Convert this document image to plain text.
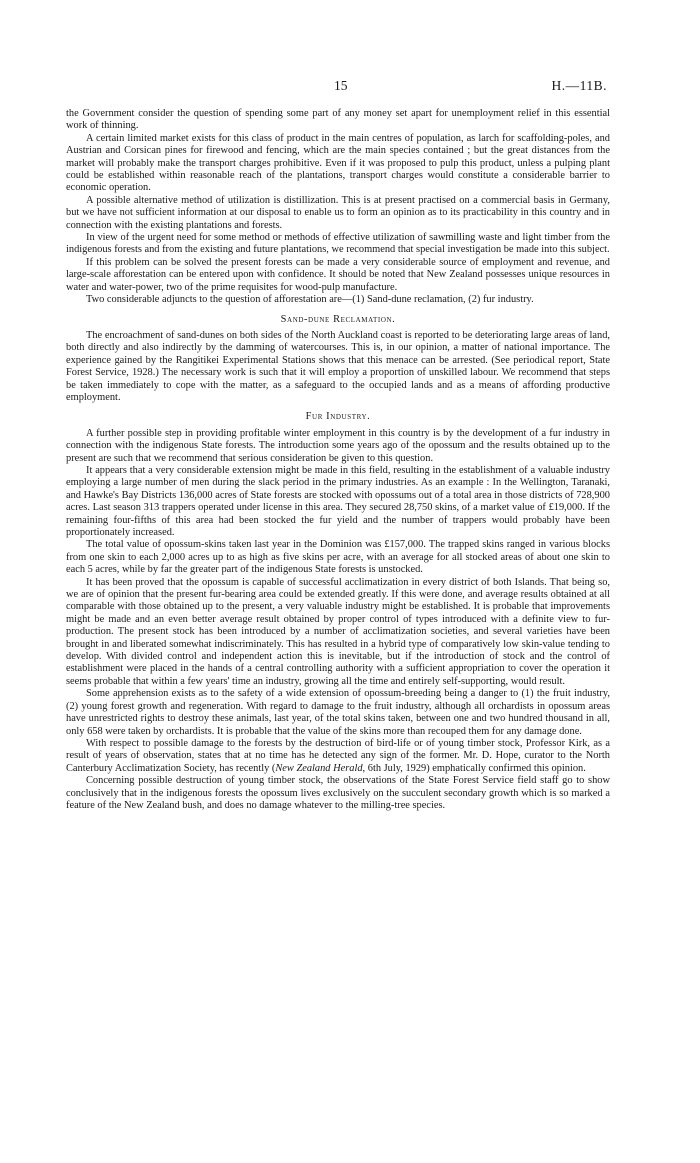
15	H.—11B.

the Government consider the question of spending some part of any money set apart for unemployment relief in this essential work of thinning.

A certain limited market exists for this class of product in the main centres of population, as larch for scaffolding-poles, and Austrian and Corsican pines for firewood and fencing, which are the main species contained ; but the great distances from the market will probably make the transport charges prohibitive. Even if it was proposed to pulp this product, unless a pulping plant could be established within reasonable reach of the plantations, transport charges would constitute a considerable barrier to economic operation.

A possible alternative method of utilization is distillization. This is at present practised on a commercial basis in Germany, but we have not sufficient information at our disposal to enable us to form an opinion as to its practicability in this country and in connection with the existing plantations and forests.

In view of the urgent need for some method or methods of effective utilization of sawmilling waste and light timber from the indigenous forests and from the existing and future plantations, we recommend that special investigation be made into this subject.

If this problem can be solved the present forests can be made a very considerable source of employment and revenue, and large-scale afforestation can be entered upon with confidence. It should be noted that New Zealand possesses unique resources in water and water-power, two of the prime requisites for wood-pulp manufacture.

Two considerable adjuncts to the question of afforestation are—(1) Sand-dune reclamation, (2) fur industry.

Sand-dune Reclamation.

The encroachment of sand-dunes on both sides of the North Auckland coast is reported to be deteriorating large areas of land, both directly and also indirectly by the damming of watercourses. This is, in our opinion, a matter of national importance. The experience gained by the Rangitikei Experimental Stations shows that this menace can be arrested. (See periodical report, State Forest Service, 1928.) The necessary work is such that it will employ a proportion of unskilled labour. We recommend that steps be taken immediately to cope with the matter, as a safeguard to the occupied lands and as a means of affording productive employment.

Fur Industry.

A further possible step in providing profitable winter employment in this country is by the development of a fur industry in connection with the indigenous State forests. The introduction some years ago of the opossum and the results obtained up to the present are such that we recommend that serious consideration be given to this question.

It appears that a very considerable extension might be made in this field, resulting in the establishment of a valuable industry employing a large number of men during the slack period in the primary industries. As an example : In the Wellington, Taranaki, and Hawke's Bay Districts 136,000 acres of State forests are stocked with opossums out of a total area in those districts of 728,900 acres. Last season 313 trappers operated under license in this area. They secured 28,750 skins, of a market value of £19,000. If the remaining four-fifths of this area had been stocked the fur yield and the number of trappers would probably have been proportionately increased.

The total value of opossum-skins taken last year in the Dominion was £157,000. The trapped skins ranged in various blocks from one skin to each 2,000 acres up to as high as five skins per acre, with an average for all stocked areas of about one skin to each 5 acres, while by far the greater part of the indigenous State forests is unstocked.

It has been proved that the opossum is capable of successful acclimatization in every district of both Islands. That being so, we are of opinion that the present fur-bearing area could be extended greatly. If this were done, and average results obtained at all comparable with those obtained up to the present, a very valuable industry might be established. It is probable that improvements might be made and an even better average result obtained by proper control of types introduced with a definite view to fur-production. The present stock has been introduced by a number of acclimatization societies, and several varieties have been brought in and liberated somewhat indiscriminately. This has resulted in a hybrid type of comparatively low skin-value tending to develop. With divided control and independent action this is inevitable, but if the introduction of stock and the control of establishment were placed in the hands of a central controlling authority with a sufficient appropriation to cover the operation it seems probable that within a few years' time an industry, growing all the time and entirely self-supporting, would result.

Some apprehension exists as to the safety of a wide extension of opossum-breeding being a danger to (1) the fruit industry, (2) young forest growth and regeneration. With regard to damage to the fruit industry, although all orchardists in opossum areas have unrestricted rights to destroy these animals, last year, of the total skins taken, between one and two hundred thousand in all, only 658 were taken by orchardists. It is probable that the value of the skins more than recouped them for any damage done.

With respect to possible damage to the forests by the destruction of bird-life or of young timber stock, Professor Kirk, as a result of years of observation, states that at no time has he detected any sign of the former. Mr. D. Hope, curator to the North Canterbury Acclimatization Society, has recently (New Zealand Herald, 6th July, 1929) emphatically confirmed this opinion.

Concerning possible destruction of young timber stock, the observations of the State Forest Service field staff go to show conclusively that in the indigenous forests the opossum lives exclusively on the succulent secondary growth which is so marked a feature of the New Zealand bush, and does no damage whatever to the milling-tree species.
